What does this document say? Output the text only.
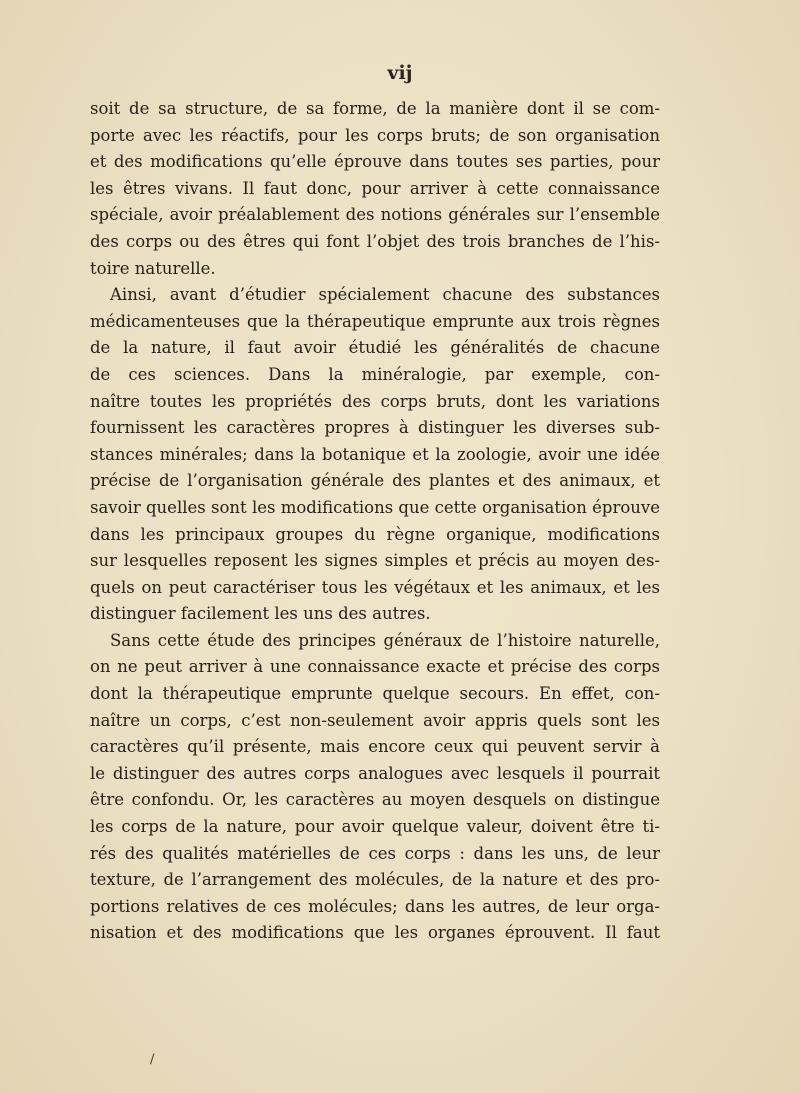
vij
soit de sa structure, de sa forme, de la manière dont il se com-
porte avec les réactifs, pour les corps bruts; de son organisation
et des modifications qu’elle éprouve dans toutes ses parties, pour
les êtres vivans. Il faut donc, pour arriver à cette connaissance
spéciale, avoir préalablement des notions générales sur l’ensemble
des corps ou des êtres qui font l’objet des trois branches de l’his-
toire naturelle.
Ainsi, avant d’étudier spécialement chacune des substances
médicamenteuses que la thérapeutique emprunte aux trois règnes
de la nature, il faut avoir étudié les généralités de chacune
de ces sciences. Dans la minéralogie, par exemple, con-
naître toutes les propriétés des corps bruts, dont les variations
fournissent les caractères propres à distinguer les diverses sub-
stances minérales; dans la botanique et la zoologie, avoir une idée
précise de l’organisation générale des plantes et des animaux, et
savoir quelles sont les modifications que cette organisation éprouve
dans les principaux groupes du règne organique, modifications
sur lesquelles reposent les signes simples et précis au moyen des-
quels on peut caractériser tous les végétaux et les animaux, et les
distinguer facilement les uns des autres.
Sans cette étude des principes généraux de l’histoire naturelle,
on ne peut arriver à une connaissance exacte et précise des corps
dont la thérapeutique emprunte quelque secours. En effet, con-
naître un corps, c’est non-seulement avoir appris quels sont les
caractères qu’il présente, mais encore ceux qui peuvent servir à
le distinguer des autres corps analogues avec lesquels il pourrait
être confondu. Or, les caractères au moyen desquels on distingue
les corps de la nature, pour avoir quelque valeur, doivent être ti-
rés des qualités matérielles de ces corps : dans les uns, de leur
texture, de l’arrangement des molécules, de la nature et des pro-
portions relatives de ces molécules; dans les autres, de leur orga-
nisation et des modifications que les organes éprouvent. Il faut
/
